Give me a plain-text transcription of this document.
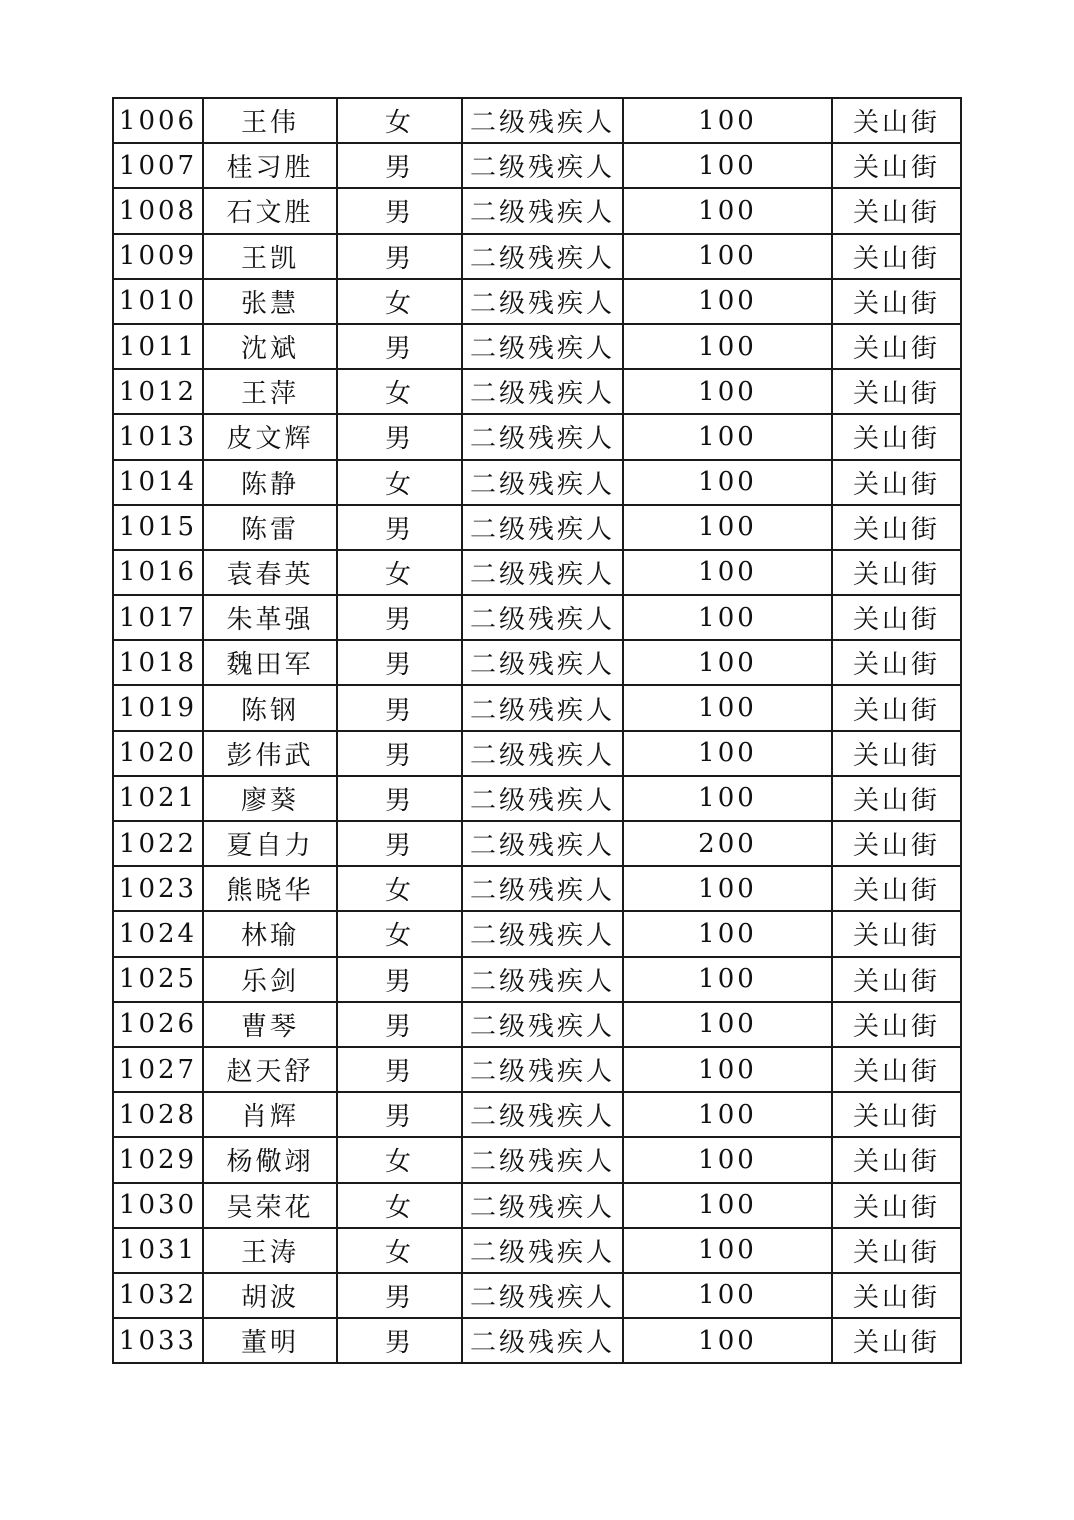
1006	王伟	女	二级残疾人	100	关山街
1007	桂习胜	男	二级残疾人	100	关山街
1008	石文胜	男	二级残疾人	100	关山街
1009	王凯	男	二级残疾人	100	关山街
1010	张慧	女	二级残疾人	100	关山街
1011	沈斌	男	二级残疾人	100	关山街
1012	王萍	女	二级残疾人	100	关山街
1013	皮文辉	男	二级残疾人	100	关山街
1014	陈静	女	二级残疾人	100	关山街
1015	陈雷	男	二级残疾人	100	关山街
1016	袁春英	女	二级残疾人	100	关山街
1017	朱革强	男	二级残疾人	100	关山街
1018	魏田军	男	二级残疾人	100	关山街
1019	陈钢	男	二级残疾人	100	关山街
1020	彭伟武	男	二级残疾人	100	关山街
1021	廖葵	男	二级残疾人	100	关山街
1022	夏自力	男	二级残疾人	200	关山街
1023	熊晓华	女	二级残疾人	100	关山街
1024	林瑜	女	二级残疾人	100	关山街
1025	乐剑	男	二级残疾人	100	关山街
1026	曹琴	男	二级残疾人	100	关山街
1027	赵天舒	男	二级残疾人	100	关山街
1028	肖辉	男	二级残疾人	100	关山街
1029	杨儆翊	女	二级残疾人	100	关山街
1030	吴荣花	女	二级残疾人	100	关山街
1031	王涛	女	二级残疾人	100	关山街
1032	胡波	男	二级残疾人	100	关山街
1033	董明	男	二级残疾人	100	关山街
